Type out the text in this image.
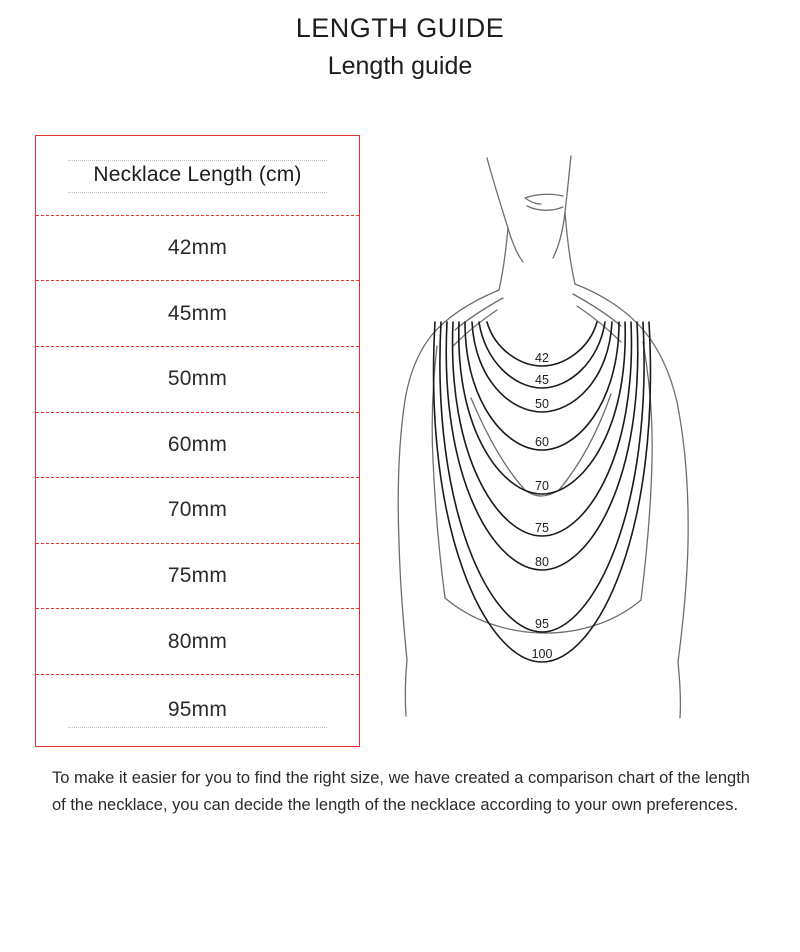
LENGTH GUIDE
Length guide
Necklace Length (cm)
42mm
45mm
50mm
60mm
70mm
75mm
80mm
95mm
42
45
50
60
70
75
80
95
100
To make it easier for you to find the right size, we have created a comparison chart of the length of the necklace, you can decide the length of the necklace according to your own preferences.
